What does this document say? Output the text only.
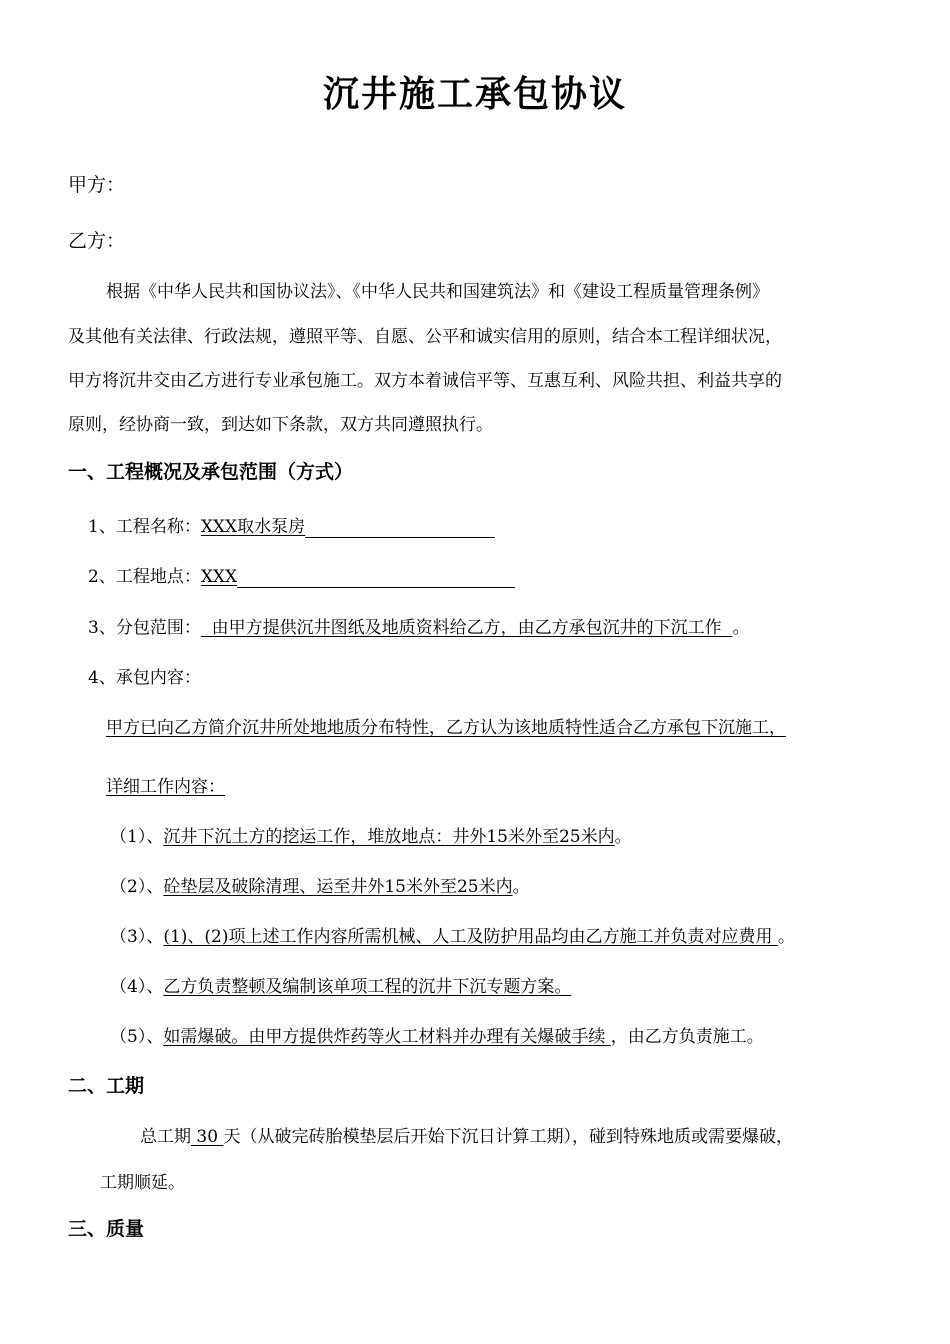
沉井施工承包协议
甲方：
乙方：
根据《中华人民共和国协议法》、《中华人民共和国建筑法》和《建设工程质量管理条例》
及其他有关法律、行政法规，遵照平等、自愿、公平和诚实信用的原则，结合本工程详细状况，
甲方将沉井交由乙方进行专业承包施工。双方本着诚信平等、互惠互利、风险共担、利益共享的
原则，经协商一致，到达如下条款，双方共同遵照执行。
一、工程概况及承包范围（方式）
1、工程名称：XXX取水泵房
2、工程地点：XXX
3、分包范围：  由甲方提供沉井图纸及地质资料给乙方，由乙方承包沉井的下沉工作  。
4、承包内容：
甲方已向乙方简介沉井所处地地质分布特性，乙方认为该地质特性适合乙方承包下沉施工，
详细工作内容：
（1）、沉井下沉土方的挖运工作，堆放地点：井外15米外至25米内。
（2）、砼垫层及破除清理、运至井外15米外至25米内。
（3）、(1)、(2)项上述工作内容所需机械、人工及防护用品均由乙方施工并负责对应费用 。
（4）、乙方负责整顿及编制该单项工程的沉井下沉专题方案。
（5）、如需爆破。由甲方提供炸药等火工材料并办理有关爆破手续 ，由乙方负责施工。
二、工期
总工期 30 天（从破完砖胎模垫层后开始下沉日计算工期），碰到特殊地质或需要爆破，
工期顺延。
三、质量
